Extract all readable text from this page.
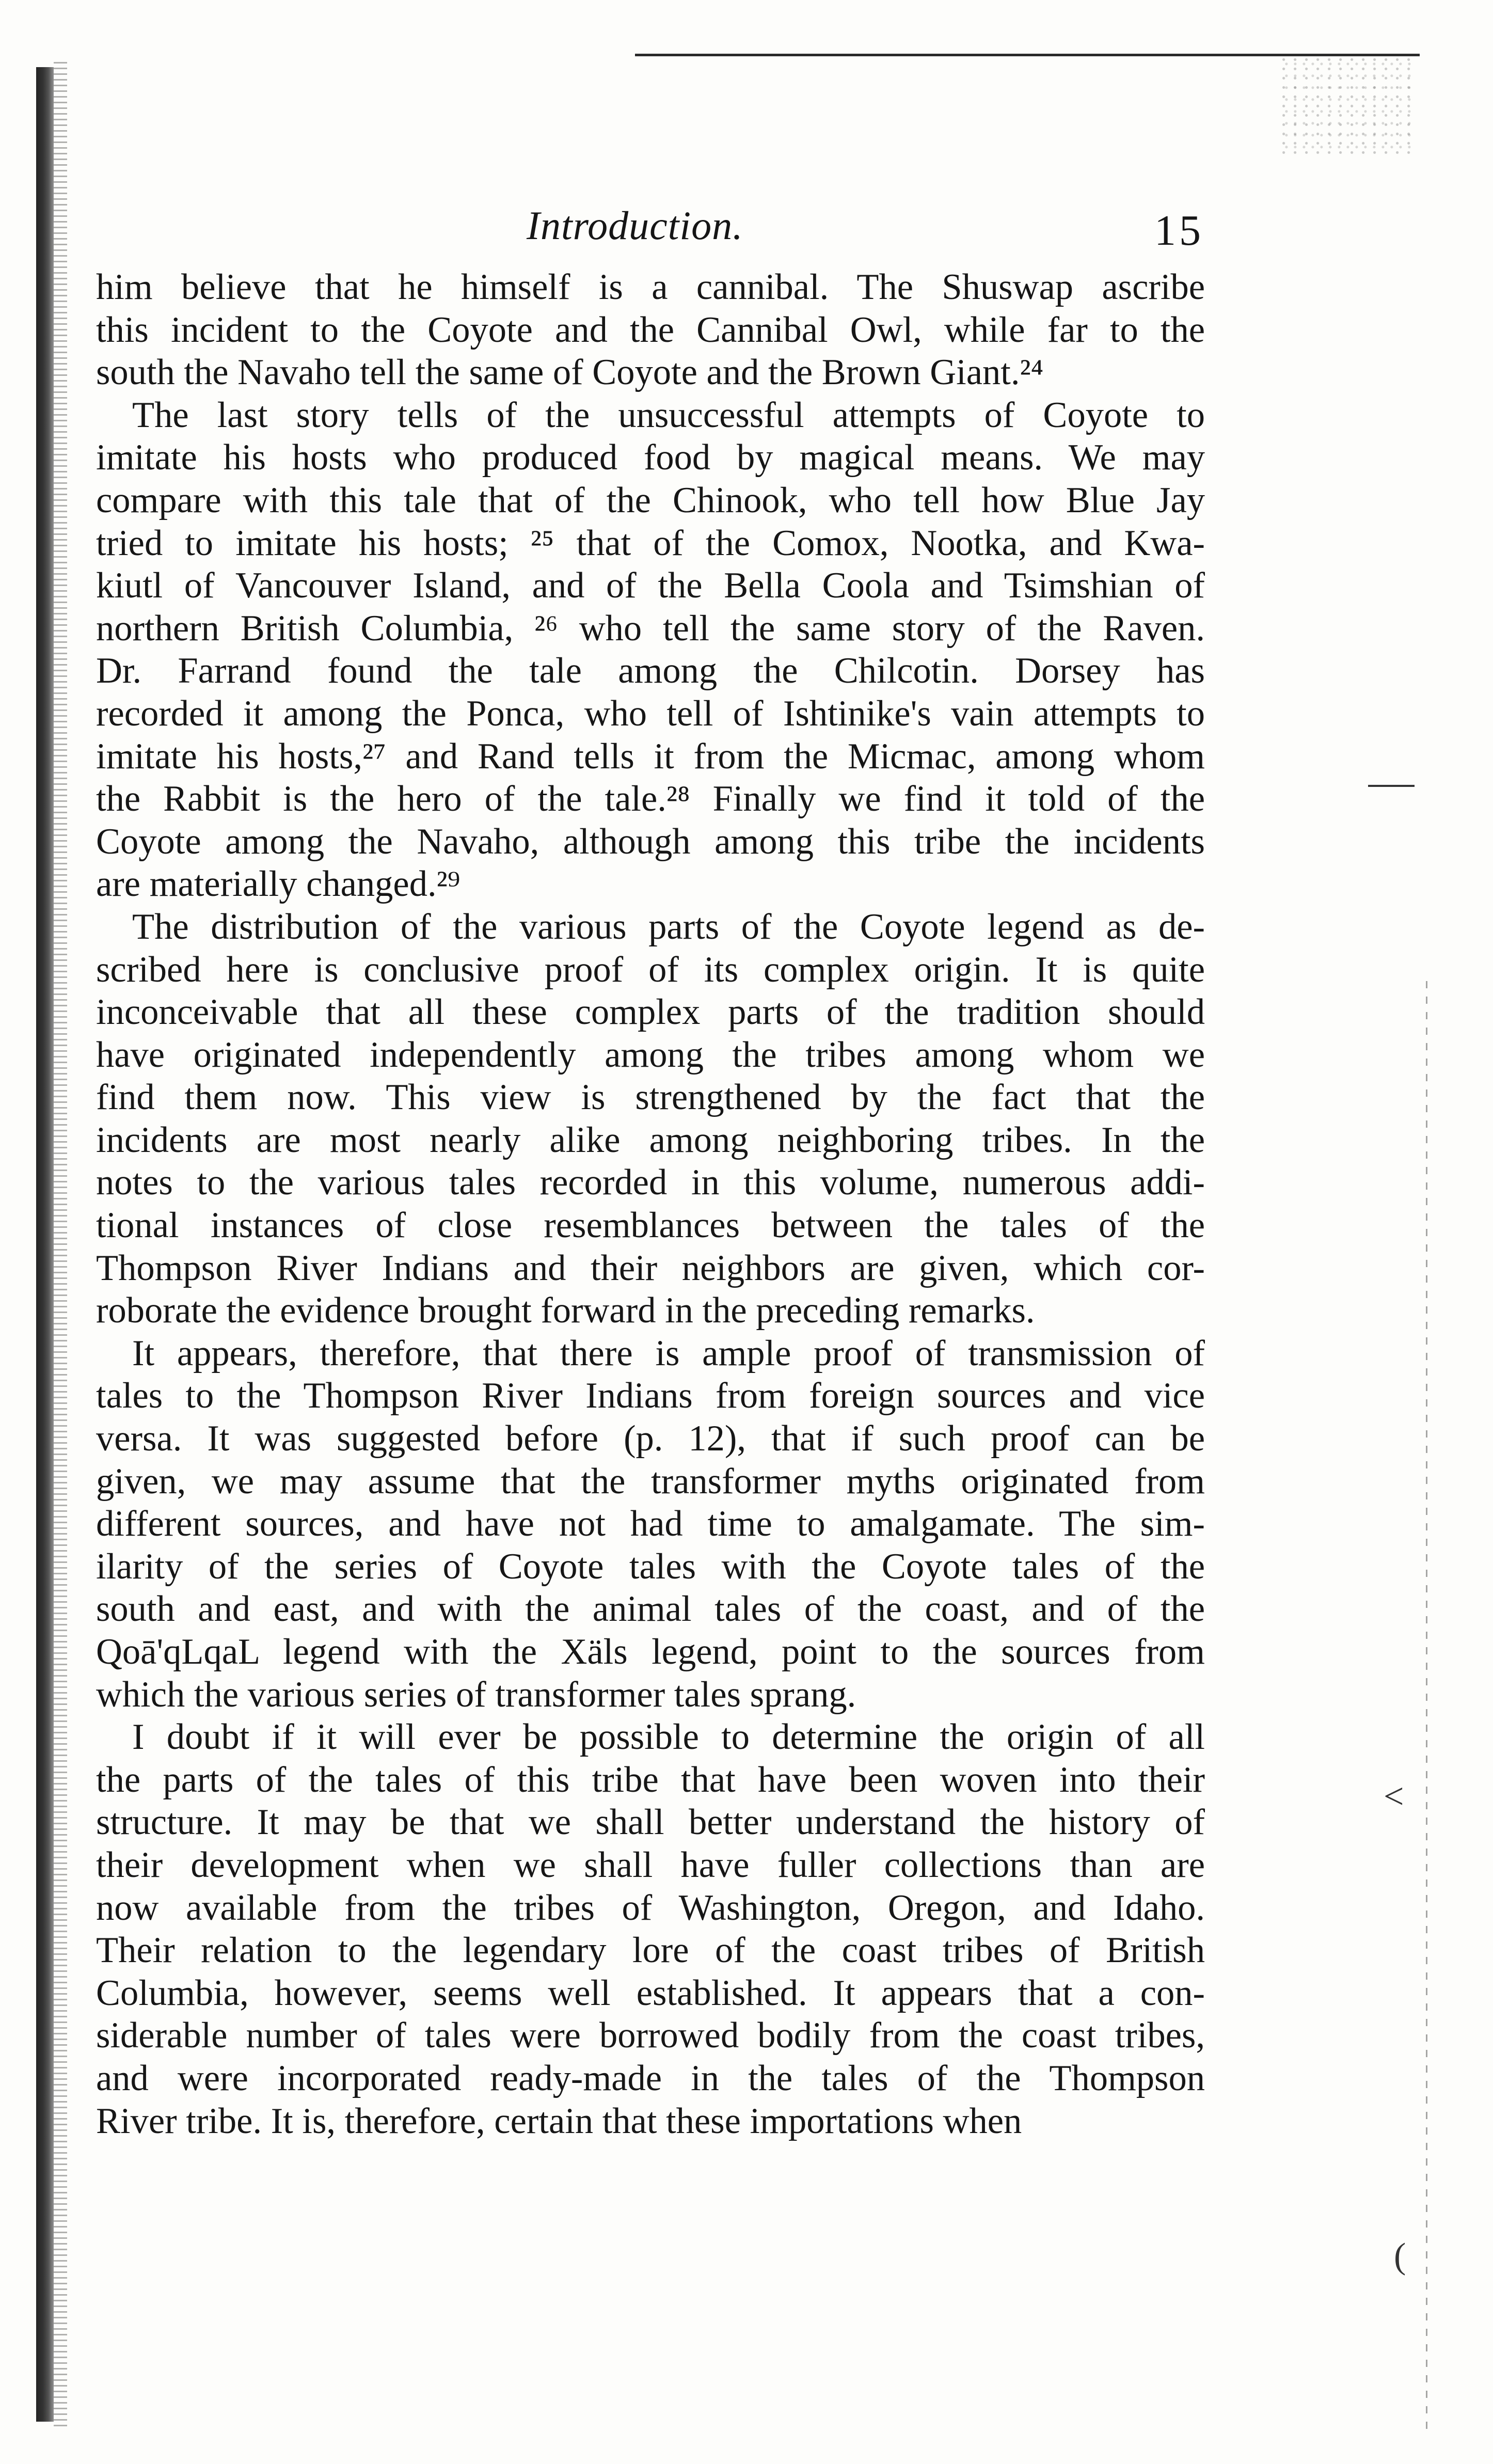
<
(
Introduction.	15

him believe that he himself is a cannibal. The Shuswap ascribe
this incident to the Coyote and the Cannibal Owl, while far to the
south the Navaho tell the same of Coyote and the Brown Giant.²⁴

The last story tells of the unsuccessful attempts of Coyote to
imitate his hosts who produced food by magical means. We may
compare with this tale that of the Chinook, who tell how Blue Jay
tried to imitate his hosts; ²⁵ that of the Comox, Nootka, and Kwa-
kiutl of Vancouver Island, and of the Bella Coola and Tsimshian of
northern British Columbia, ²⁶ who tell the same story of the Raven.
Dr. Farrand found the tale among the Chilcotin. Dorsey has
recorded it among the Ponca, who tell of Ishtinike's vain attempts to
imitate his hosts,²⁷ and Rand tells it from the Micmac, among whom
the Rabbit is the hero of the tale.²⁸ Finally we find it told of the
Coyote among the Navaho, although among this tribe the incidents
are materially changed.²⁹

The distribution of the various parts of the Coyote legend as de-
scribed here is conclusive proof of its complex origin. It is quite
inconceivable that all these complex parts of the tradition should
have originated independently among the tribes among whom we
find them now. This view is strengthened by the fact that the
incidents are most nearly alike among neighboring tribes. In the
notes to the various tales recorded in this volume, numerous addi-
tional instances of close resemblances between the tales of the
Thompson River Indians and their neighbors are given, which cor-
roborate the evidence brought forward in the preceding remarks.

It appears, therefore, that there is ample proof of transmission of
tales to the Thompson River Indians from foreign sources and vice
versa. It was suggested before (p. 12), that if such proof can be
given, we may assume that the transformer myths originated from
different sources, and have not had time to amalgamate. The sim-
ilarity of the series of Coyote tales with the Coyote tales of the
south and east, and with the animal tales of the coast, and of the
Qoā'qLqaL legend with the Xäls legend, point to the sources from
which the various series of transformer tales sprang.

I doubt if it will ever be possible to determine the origin of all
the parts of the tales of this tribe that have been woven into their
structure. It may be that we shall better understand the history of
their development when we shall have fuller collections than are
now available from the tribes of Washington, Oregon, and Idaho.
Their relation to the legendary lore of the coast tribes of British
Columbia, however, seems well established. It appears that a con-
siderable number of tales were borrowed bodily from the coast tribes,
and were incorporated ready-made in the tales of the Thompson
River tribe. It is, therefore, certain that these importations when
